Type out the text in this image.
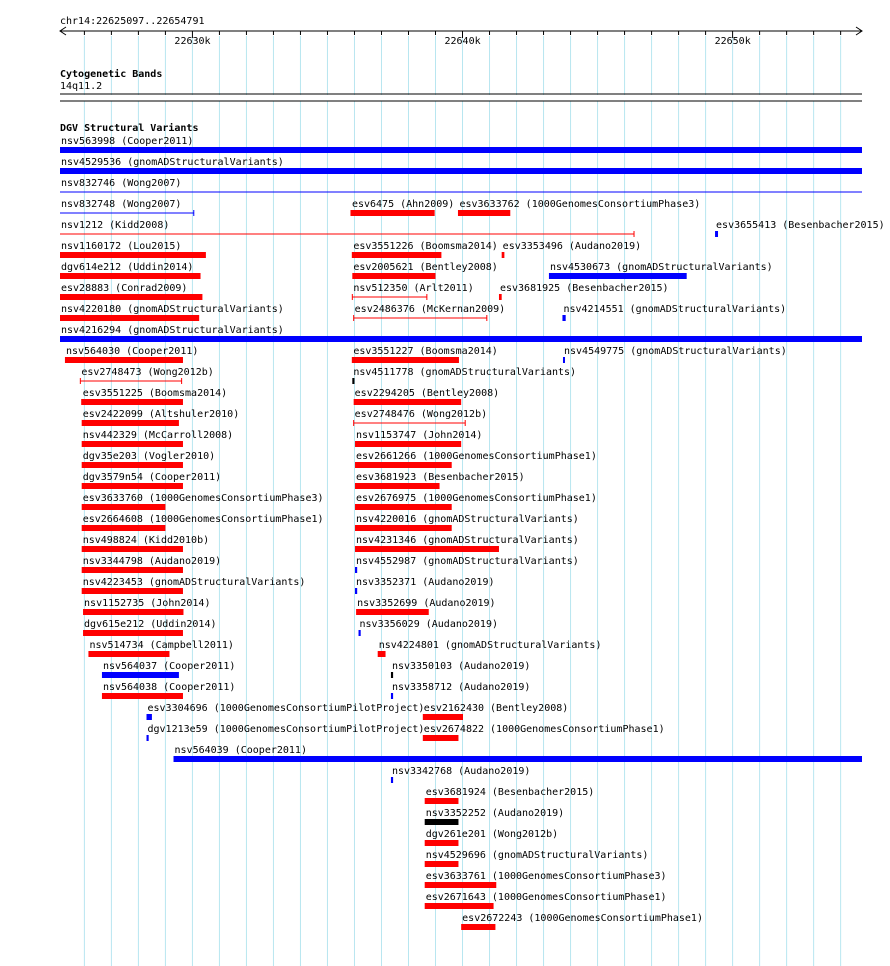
chr14:22625097..22654791
22630k	22640k	22650k
Cytogenetic Bands
14q11.2
DGV Structural Variants
nsv563998 (Cooper2011)
nsv4529536 (gnomADStructuralVariants)
nsv832746 (Wong2007)
nsv832748 (Wong2007)	esv6475 (Ahn2009) esv3633762 (1000GenomesConsortiumPhase3)
nsv1212 (Kidd2008)	esv3655413 (Besenbacher2015)
nsv1160172 (Lou2015)	esv3551226 (Boomsma2014) esv3353496 (Audano2019)
dgv614e212 (Uddin2014)	esv2005621 (Bentley2008)	nsv4530673 (gnomADStructuralVariants)
esv28883 (Conrad2009)	nsv512350 (Arlt2011)	esv3681925 (Besenbacher2015)
nsv4220180 (gnomADStructuralVariants)	esv2486376 (McKernan2009)	nsv4214551 (gnomADStructuralVariants)
nsv4216294 (gnomADStructuralVariants)
nsv564030 (Cooper2011)	esv3551227 (Boomsma2014)	nsv4549775 (gnomADStructuralVariants)
esv2748473 (Wong2012b)	nsv4511778 (gnomADStructuralVariants)
esv3551225 (Boomsma2014)	esv2294205 (Bentley2008)
esv2422099 (Altshuler2010)	esv2748476 (Wong2012b)
nsv442329 (McCarroll2008)	nsv1153747 (John2014)
dgv35e203 (Vogler2010)	esv2661266 (1000GenomesConsortiumPhase1)
dgv3579n54 (Cooper2011)	esv3681923 (Besenbacher2015)
esv3633760 (1000GenomesConsortiumPhase3)	esv2676975 (1000GenomesConsortiumPhase1)
esv2664608 (1000GenomesConsortiumPhase1)	nsv4220016 (gnomADStructuralVariants)
nsv498824 (Kidd2010b)	nsv4231346 (gnomADStructuralVariants)
nsv3344798 (Audano2019)	nsv4552987 (gnomADStructuralVariants)
nsv4223453 (gnomADStructuralVariants)	nsv3352371 (Audano2019)
nsv1152735 (John2014)	nsv3352699 (Audano2019)
dgv615e212 (Uddin2014)	nsv3356029 (Audano2019)
nsv514734 (Campbell2011)	nsv4224801 (gnomADStructuralVariants)
nsv564037 (Cooper2011)	nsv3350103 (Audano2019)
nsv564038 (Cooper2011)	nsv3358712 (Audano2019)
esv3304696 (1000GenomesConsortiumPilotProject) esv2162430 (Bentley2008)
dgv1213e59 (1000GenomesConsortiumPilotProject) esv2674822 (1000GenomesConsortiumPhase1)
nsv564039 (Cooper2011)
nsv3342768 (Audano2019)
esv3681924 (Besenbacher2015)
nsv3352252 (Audano2019)
dgv261e201 (Wong2012b)
nsv4529696 (gnomADStructuralVariants)
esv3633761 (1000GenomesConsortiumPhase3)
esv2671643 (1000GenomesConsortiumPhase1)
esv2672243 (1000GenomesConsortiumPhase1)
